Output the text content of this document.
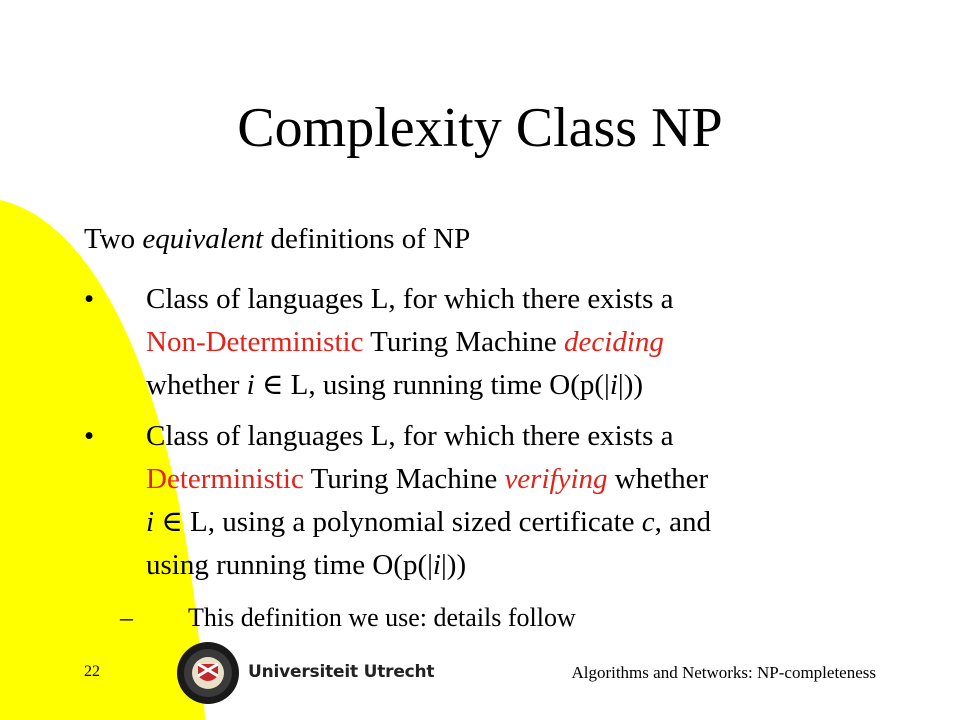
Complexity Class NP
Two equivalent definitions of NP
•	Class of languages L, for which there exists a
Non-Deterministic Turing Machine deciding
whether i ∈ L, using running time O(p(|i|))
•	Class of languages L, for which there exists a
Deterministic Turing Machine verifying whether
i ∈ L, using a polynomial sized certificate c, and
using running time O(p(|i|))
– This definition we use: details follow
22	Universiteit Utrecht	Algorithms and Networks: NP-completeness
